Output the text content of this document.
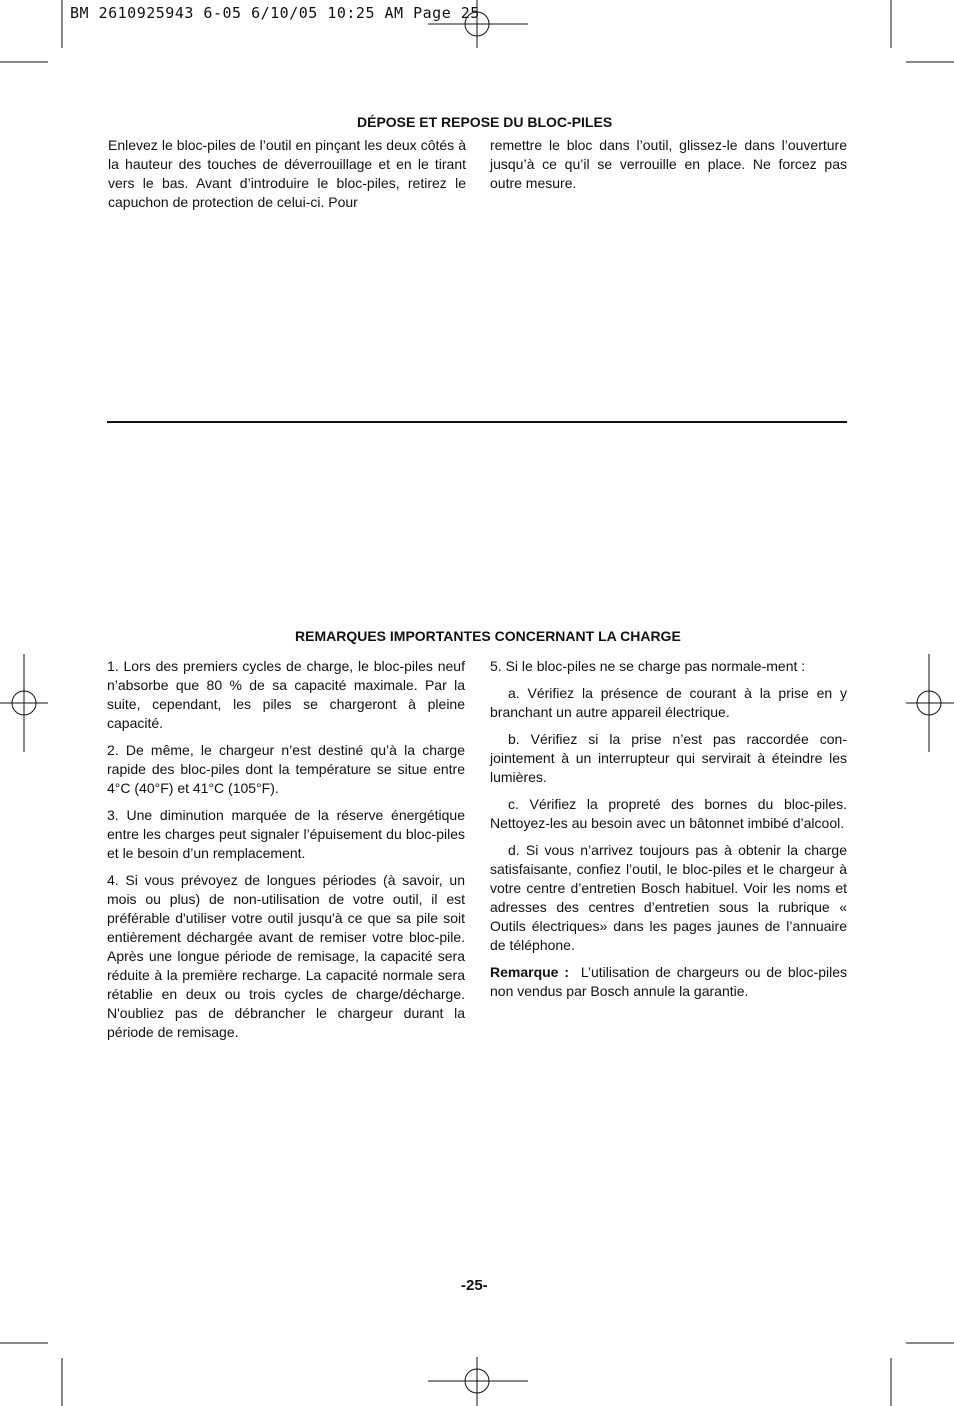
BM 2610925943 6-05 6/10/05 10:25 AM Page 25
DÉPOSE ET REPOSE DU BLOC-PILES

Enlevez le bloc-piles de l’outil en pinçant les deux côtés à la hauteur des touches de déverrouillage et en le tirant vers le bas. Avant d’introduire le bloc-piles, retirez le capuchon de protection de celui-ci. Pour

remettre le bloc dans l’outil, glissez-le dans l’ouverture jusqu’à ce qu’il se verrouille en place. Ne forcez pas outre mesure.

REMARQUES IMPORTANTES CONCERNANT LA CHARGE

1. Lors des premiers cycles de charge, le bloc-piles neuf n’absorbe que 80 % de sa capacité maximale. Par la suite, cependant, les piles se chargeront à pleine capacité.

2. De même, le chargeur n’est destiné qu’à la charge rapide des bloc-piles dont la température se situe entre 4°C (40°F) et 41°C (105°F).

3. Une diminution marquée de la réserve énergétique entre les charges peut signaler l’épuisement du bloc-piles et le besoin d’un remplacement.

4. Si vous prévoyez de longues périodes (à savoir, un mois ou plus) de non-utilisation de votre outil, il est préférable d'utiliser votre outil jusqu'à ce que sa pile soit entièrement déchargée avant de remiser votre bloc-pile. Après une longue période de remisage, la capacité sera réduite à la première recharge. La capacité normale sera rétablie en deux ou trois cycles de charge/décharge. N'oubliez pas de débrancher le chargeur durant la période de remisage.

5. Si le bloc-piles ne se charge pas normale-ment :

a. Vérifiez la présence de courant à la prise en y branchant un autre appareil électrique.

b. Vérifiez si la prise n’est pas raccordée con-jointement à un interrupteur qui servirait à éteindre les lumières.

c. Vérifiez la propreté des bornes du bloc-piles. Nettoyez-les au besoin avec un bâtonnet imbibé d’alcool.

d. Si vous n’arrivez toujours pas à obtenir la charge satisfaisante, confiez l’outil, le bloc-piles et le chargeur à votre centre d’entretien Bosch habituel. Voir les noms et adresses des centres d’entretien sous la rubrique « Outils électriques» dans les pages jaunes de l’annuaire de téléphone.

Remarque : L’utilisation de chargeurs ou de bloc-piles non vendus par Bosch annule la garantie.

-25-
